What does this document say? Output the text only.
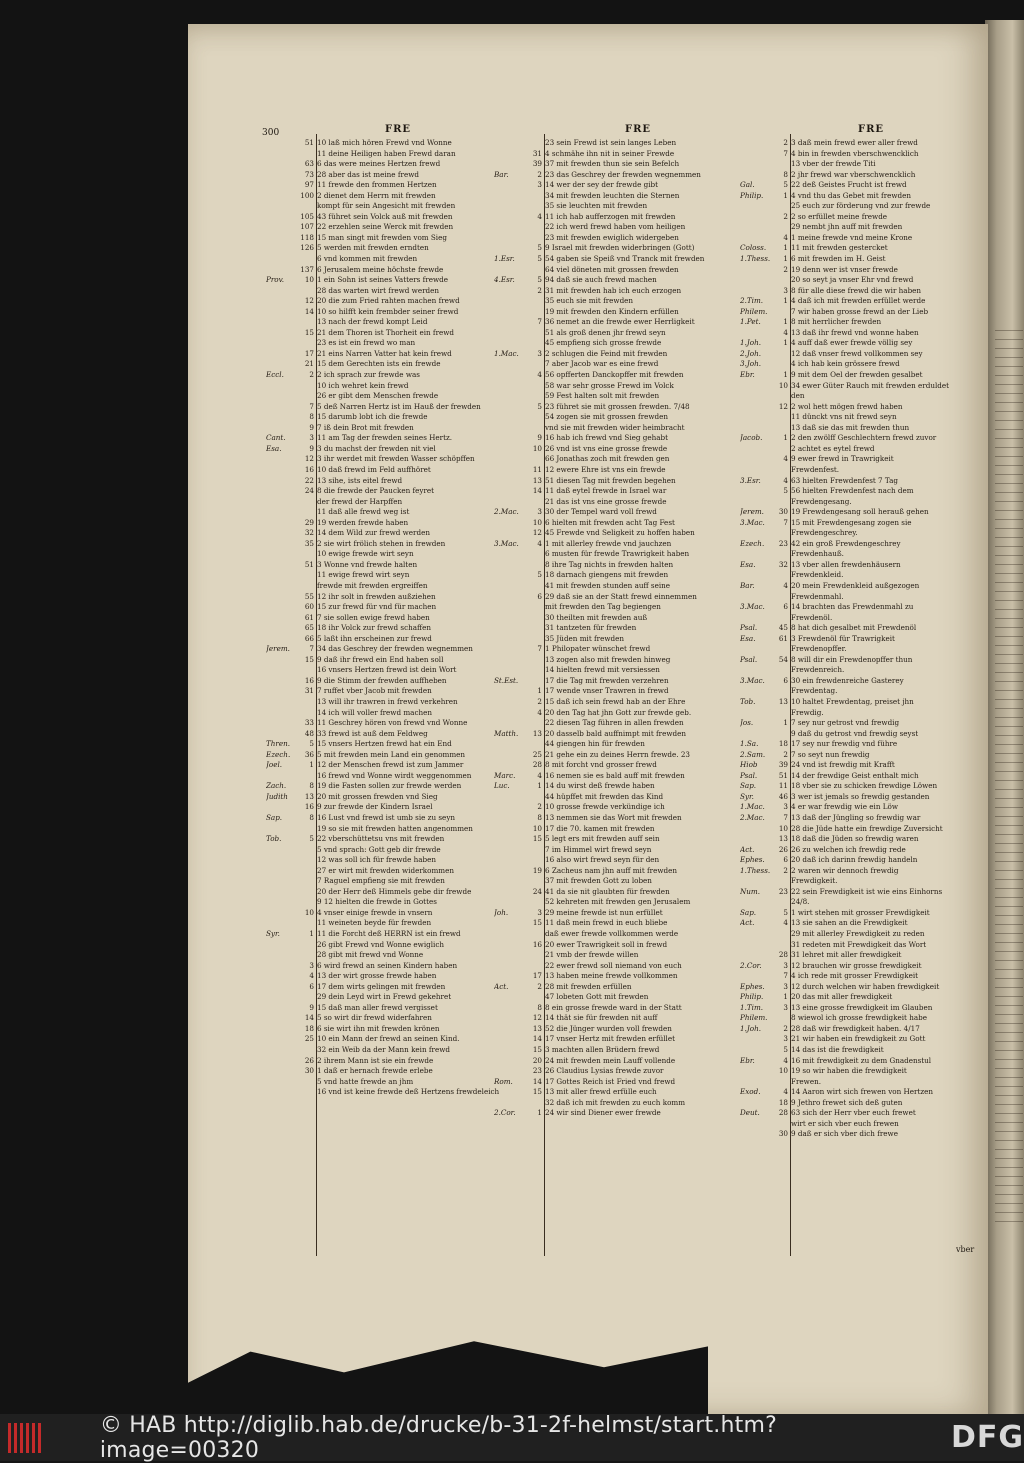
300	FRE	FRE	FRE
51 10 laß mich hören Frewd vnd Wonne
11 deine Heiligen haben Frewd daran
63 6 das were meines Hertzen frewd
73 28 aber das ist meine frewd
97 11 frewde den frommen Hertzen
100 2 dienet dem Herrn mit frewden
kompt für sein Angesicht mit frewden
105 43 führet sein Volck auß mit frewden
107 22 erzehlen seine Werck mit frewden
118 15 man singt mit frewden vom Sieg
126 5 werden mit frewden erndten
6 vnd kommen mit frewden
137 6 Jerusalem meine höchste frewde
Prov.	10 1 ein Sohn ist seines Vatters frewde
28 das warten wirt frewd werden
12 20 die zum Fried rahten machen frewd
14 10 so hilfft kein frembder seiner frewd
13 nach der frewd kompt Leid
15 21 dem Thoren ist Thorheit ein frewd
23 es ist ein frewd wo man
17 21 eins Narren Vatter hat kein frewd
21 15 dem Gerechten ists ein frewde
Eccl.	2 2 ich sprach zur frewde was
10 ich wehret kein frewd
26 er gibt dem Menschen frewde
7 5 deß Narren Hertz ist im Hauß der frewden
8 15 darumb lobt ich die frewde
9 7 iß dein Brot mit frewden
Cant.	3 11 am Tag der frewden seines Hertz.
Esa.	9 3 du machst der frewden nit viel
12 3 ihr werdet mit frewden Wasser schöpffen
16 10 daß frewd im Feld auffhöret
22 13 sihe, ists eitel frewd
24 8 die frewde der Paucken feyret
der frewd der Harpffen
11 daß alle frewd weg ist
29 19 werden frewde haben
32 14 dem Wild zur frewd werden
35 2 sie wirt frölich stehen in frewden
10 ewige frewde wirt seyn
51 3 Wonne vnd frewde halten
11 ewige frewd wirt seyn
frewde mit frewden ergreiffen
55 12 ihr solt in frewden außziehen
60 15 zur frewd für vnd für machen
61 7 sie sollen ewige frewd haben
65 18 ihr Volck zur frewd schaffen
66 5 laßt ihn erscheinen zur frewd
Jerem.	7 34 das Geschrey der frewden wegnemmen
15 9 daß ihr frewd ein End haben soll
16 vnsers Hertzen frewd ist dein Wort
16 9 die Stimm der frewden auffheben
31 7 ruffet vber Jacob mit frewden
13 will ihr trawren in frewd verkehren
14 ich will voller frewd machen
33 11 Geschrey hören von frewd vnd Wonne
48 33 frewd ist auß dem Feldweg
Thren.	5 15 vnsers Hertzen frewd hat ein End
Ezech.	36 5 mit frewden mein Land ein genommen
Joel.	1 12 der Menschen frewd ist zum Jammer
16 frewd vnd Wonne wirdt weggenommen
Zach.	8 19 die Fasten sollen zur frewde werden
Judith	13 20 mit grossen frewden vnd Sieg
16 9 zur frewde der Kindern Israel
Sap.	8 16 Lust vnd frewd ist umb sie zu seyn
19 so sie mit frewden hatten angenommen
Tob.	5 22 vberschüttetsu vns mit frewden
5 vnd sprach: Gott geb dir frewde
12 was soll ich für frewde haben
27 er wirt mit frewden widerkommen
7 Raguel empfieng sie mit frewden
20 der Herr deß Himmels gebe dir frewde
9 12 hielten die frewde in Gottes
10 4 vnser einige frewde in vnsern
11 weineten beyde für frewden
Syr.	1 11 die Forcht deß HERRN ist ein frewd
26 gibt Frewd vnd Wonne ewiglich
28 gibt mit frewd vnd Wonne
3 6 wird frewd an seinen Kindern haben
4 13 der wirt grosse frewde haben
6 17 dem wirts gelingen mit frewden
29 dein Leyd wirt in Frewd gekehret
9 15 daß man aller frewd vergisset
14 5 so wirt dir frewd widerfahren
18 6 sie wirt ihn mit frewden krönen
25 10 ein Mann der frewd an seinen Kind.
32 ein Weib da der Mann kein frewd
26 2 ihrem Mann ist sie ein frewde
30 1 daß er hernach frewde erlebe
5 vnd hatte frewde an jhm
16 vnd ist keine frewde deß Hertzens frewdeleich
23 sein Frewd ist sein langes Leben
31 4 schmähe ihn nit in seiner Frewde
39 37 mit frewden thun sie sein Befelch
Bar.	2 23 das Geschrey der frewden wegnemmen
3 14 wer der sey der frewde gibt
34 mit frewden leuchten die Sternen
35 sie leuchten mit frewden
4 11 ich hab aufferzogen mit frewden
22 ich werd frewd haben vom heiligen
23 mit frewden ewiglich widergeben
5 9 Israel mit frewden widerbringen (Gott)
1.Esr.	5 54 gaben sie Speiß vnd Tranck mit frewden
64 viel döneten mit grossen frewden
4.Esr.	5 94 daß sie auch frewd machen
2 31 mit frewden hab ich euch erzogen
35 euch sie mit frewden
19 mit frewden den Kindern erfüllen
7 36 nemet an die frewde ewer Herrligkeit
51 als groß denen jhr frewd seyn
45 empfieng sich grosse frewde
1.Mac.	3 2 schlugen die Feind mit frewden
7 aber Jacob war es eine frewd
4 56 opfferten Danckopffer mit frewden
58 war sehr grosse Frewd im Volck
59 Fest halten solt mit frewden
5 23 führet sie mit grossen frewden. 7/48
54 zogen sie mit grossen frewden
vnd sie mit frewden wider heimbracht
9 16 hab ich frewd vnd Sieg gehabt
10 26 vnd ist vns eine grosse frewde
66 Jonathas zoch mit frewden gen
11 12 ewere Ehre ist vns ein frewde
13 51 diesen Tag mit frewden begehen
14 11 daß eytel frewde in Israel war
21 das ist vns eine grosse frewde
2.Mac.	3 30 der Tempel ward voll frewd
10 6 hielten mit frewden acht Tag Fest
12 45 Frewde vnd Seligkeit zu hoffen haben
3.Mac.	4 1 mit allerley frewde vnd jauchzen
6 musten für frewde Trawrigkeit haben
8 ihre Tag nichts in frewden halten
5 18 darnach giengens mit frewden
41 mit frewden stunden auff seine
6 29 daß sie an der Statt frewd einnemmen
mit frewden den Tag begiengen
30 theilten mit frewden auß
31 tantzeten für frewden
35 Jüden mit frewden
7 1 Philopater wünschet frewd
13 zogen also mit frewden hinweg
14 hielten frewd mit versiessen
St.Est.	17 die Tag mit frewden verzehren
1 17 wende vnser Trawren in frewd
2 15 daß ich sein frewd hab an der Ehre
4 20 den Tag hat jhn Gott zur frewde geb.
22 diesen Tag führen in allen frewden
Matth.	13 20 dasselb bald auffnimpt mit frewden
44 giengen hin für frewden
25 21 gehe ein zu deines Herrn frewde. 23
28 8 mit forcht vnd grosser frewd
Marc.	4 16 nemen sie es bald auff mit frewden
Luc.	1 14 du wirst deß frewde haben
44 hüpffet mit frewden das Kind
2 10 grosse frewde verkündige ich
8 13 nemmen sie das Wort mit frewden
10 17 die 70. kamen mit frewden
15 5 legt ers mit frewden auff sein
7 im Himmel wirt frewd seyn
16 also wirt frewd seyn für den
19 6 Zacheus nam jhn auff mit frewden
37 mit frewden Gott zu loben
24 41 da sie nit glaubten für frewden
52 kehreten mit frewden gen Jerusalem
Joh.	3 29 meine frewde ist nun erfüllet
15 11 daß mein frewd in euch bliebe
daß ewer frewde vollkommen werde
16 20 ewer Trawrigkeit soll in frewd
21 vmb der frewde willen
22 ewer frewd soll niemand von euch
17 13 haben meine frewde vollkommen
Act.	2 28 mit frewden erfüllen
47 lobeten Gott mit frewden
8 8 ein grosse frewde ward in der Statt
12 14 thät sie für frewden nit auff
13 52 die Jünger wurden voll frewden
14 17 vnser Hertz mit frewden erfüllet
15 3 machten allen Brüdern frewd
20 24 mit frewden mein Lauff vollende
23 26 Claudius Lysias frewde zuvor
Rom.	14 17 Gottes Reich ist Fried vnd frewd
15 13 mit aller frewd erfülle euch
32 daß ich mit frewden zu euch komm
2.Cor.	1 24 wir sind Diener ewer frewde
2 3 daß mein frewd ewer aller frewd
7 4 bin in frewden vberschwencklich
13 vber der frewde Titi
8 2 jhr frewd war vberschwencklich
Gal.	5 22 deß Geistes Frucht ist frewd
Philip.	1 4 vnd thu das Gebet mit frewden
25 euch zur förderung vnd zur frewde
2 2 so erfüllet meine frewde
29 nembt jhn auff mit frewden
4 1 meine frewde vnd meine Krone
Coloss.	1 11 mit frewden gestercket
1.Thess.	1 6 mit frewden im H. Geist
2 19 denn wer ist vnser frewde
20 so seyt ja vnser Ehr vnd frewd
3 8 für alle diese frewd die wir haben
2.Tim.	1 4 daß ich mit frewden erfüllet werde
Philem.	7 wir haben grosse frewd an der Lieb
1.Pet.	1 8 mit herrlicher frewden
4 13 daß ihr frewd vnd wonne haben
1.Joh.	1 4 auff daß ewer frewde völlig sey
2.Joh.	12 daß vnser frewd vollkommen sey
3.Joh.	4 ich hab kein grössere frewd
Ebr.	1 9 mit dem Oel der frewden gesalbet
10 34 ewer Güter Rauch mit frewden erduldet
den
12 2 wol hett mögen frewd haben
11 dünckt vns nit frewd seyn
13 daß sie das mit frewden thun
Jacob.	1 2 den zwölff Geschlechtern frewd zuvor
2 achtet es eytel frewd
4 9 ewer frewd in Trawrigkeit
Frewdenfest.
3.Esr.	4 63 hielten Frewdenfest 7 Tag
5 56 hielten Frewdenfest nach dem
Frewdengesang.
Jerem.	30 19 Frewdengesang soll herauß gehen
3.Mac.	7 15 mit Frewdengesang zogen sie
Frewdengeschrey.
Ezech.	23 42 ein groß Frewdengeschrey
Frewdenhauß.
Esa.	32 13 vber allen frewdenhäusern
Frewdenkleid.
Bar.	4 20 mein Frewdenkleid außgezogen
Frewdenmahl.
3.Mac.	6 14 brachten das Frewdenmahl zu
Frewdenöl.
Psal.	45 8 hat dich gesalbet mit Frewdenöl
Esa.	61 3 Frewdenöl für Trawrigkeit
Frewdenopffer.
Psal.	54 8 will dir ein Frewdenopffer thun
Frewdenreich.
3.Mac.	6 30 ein frewdenreiche Gasterey
Frewdentag.
Tob.	13 10 haltet Frewdentag, preiset jhn
Frewdig.
Jos.	1 7 sey nur getrost vnd frewdig
9 daß du getrost vnd frewdig seyst
1.Sa.	18 17 sey nur frewdig vnd führe
2.Sam.	2 7 so seyt nun frewdig
Hiob	39 24 vnd ist frewdig mit Krafft
Psal.	51 14 der frewdige Geist enthalt mich
Sap.	11 18 vber sie zu schicken frewdige Löwen
Syr.	46 3 wer ist jemals so frewdig gestanden
1.Mac.	3 4 er war frewdig wie ein Löw
2.Mac.	7 13 daß der Jüngling so frewdig war
10 28 die Jüde hatte ein frewdige Zuversicht
13 18 daß die Jüden so frewdig waren
Act.	26 26 zu welchen ich frewdig rede
Ephes.	6 20 daß ich darinn frewdig handeln
1.Thess.	2 2 waren wir dennoch frewdig
Frewdigkeit.
Num.	23 22 sein Frewdigkeit ist wie eins Einhorns
24/8.
Sap.	5 1 wirt stehen mit grosser Frewdigkeit
Act.	4 13 sie sahen an die Frewdigkeit
29 mit allerley Frewdigkeit zu reden
31 redeten mit Frewdigkeit das Wort
28 31 lehret mit aller frewdigkeit
2.Cor.	3 12 brauchen wir grosse frewdigkeit
7 4 ich rede mit grosser Frewdigkeit
Ephes.	3 12 durch welchen wir haben frewdigkeit
Philip.	1 20 das mit aller frewdigkeit
1.Tim.	3 13 eine grosse frewdigkeit im Glauben
Philem.	8 wiewol ich grosse frewdigkeit habe
1.Joh.	2 28 daß wir frewdigkeit haben. 4/17
3 21 wir haben ein frewdigkeit zu Gott
5 14 das ist die frewdigkeit
Ebr.	4 16 mit frewdigkeit zu dem Gnadenstul
10 19 so wir haben die frewdigkeit
Frewen.
Exod.	4 14 Aaron wirt sich frewen von Hertzen
18 9 Jethro frewet sich deß guten
Deut.	28 63 sich der Herr vber euch frewet
wirt er sich vber euch frewen
30 9 daß er sich vber dich frewe
vber
© HAB http://diglib.hab.de/drucke/b-31-2f-helmst/start.htm?image=00320	DFG
